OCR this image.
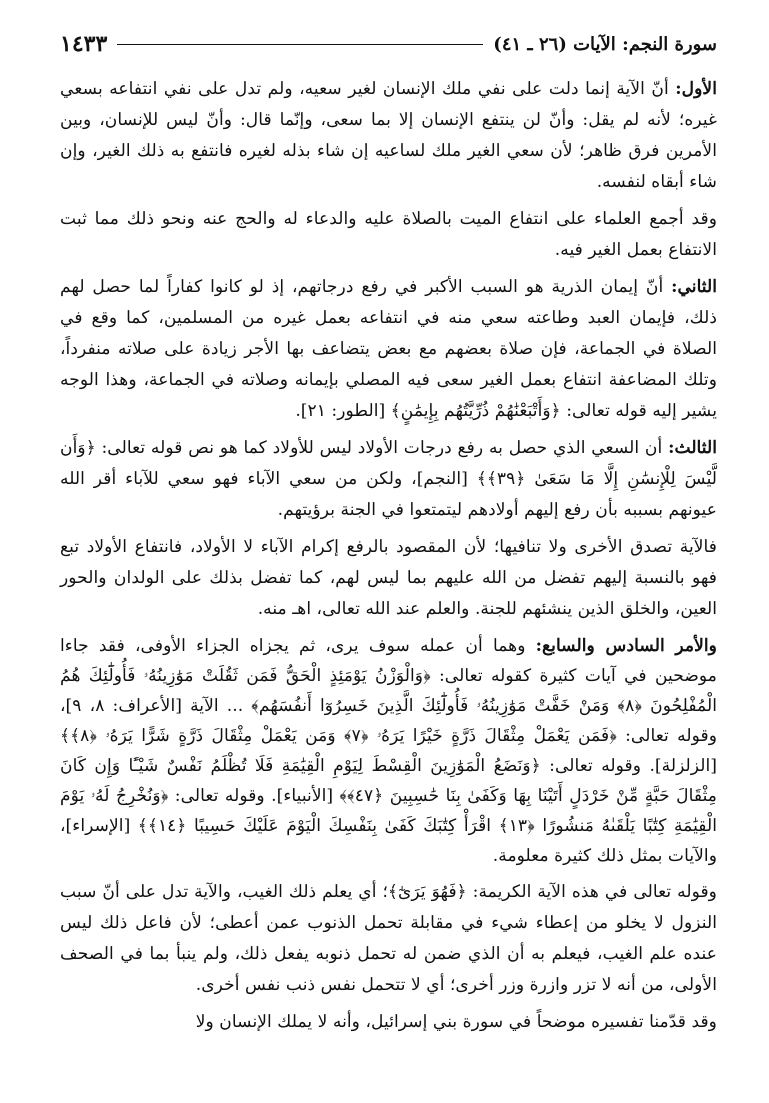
سورة النجم: الآيات (٢٦ ـ ٤١)
١٤٣٣

الأول: أنّ الآية إنما دلت على نفي ملك الإنسان لغير سعيه، ولم تدل على نفي انتفاعه بسعي غيره؛ لأنه لم يقل: وأنّ لن ينتفع الإنسان إلا بما سعى، وإنّما قال: وأنّ ليس للإنسان، وبين الأمرين فرق ظاهر؛ لأن سعي الغير ملك لساعيه إن شاء بذله لغيره فانتفع به ذلك الغير، وإن شاء أبقاه لنفسه.

وقد أجمع العلماء على انتفاع الميت بالصلاة عليه والدعاء له والحج عنه ونحو ذلك مما ثبت الانتفاع بعمل الغير فيه.

الثاني: أنّ إيمان الذرية هو السبب الأكبر في رفع درجاتهم، إذ لو كانوا كفاراً لما حصل لهم ذلك، فإيمان العبد وطاعته سعي منه في انتفاعه بعمل غيره من المسلمين، كما وقع في الصلاة في الجماعة، فإن صلاة بعضهم مع بعض يتضاعف بها الأجر زيادة على صلاته منفرداً، وتلك المضاعفة انتفاع بعمل الغير سعى فيه المصلي بإيمانه وصلاته في الجماعة، وهذا الوجه يشير إليه قوله تعالى: ﴿وَأَتْبَعْنَٰهُمْ ذُرِّيَّتُهُم بِإِيمَٰنٍ﴾ [الطور: ٢١].

الثالث: أن السعي الذي حصل به رفع درجات الأولاد ليس للأولاد كما هو نص قوله تعالى: ﴿وَأَن لَّيْسَ لِلْإِنسَٰنِ إِلَّا مَا سَعَىٰ ﴿٣٩﴾﴾ [النجم]، ولكن من سعي الآباء فهو سعي للآباء أقر الله عيونهم بسببه بأن رفع إليهم أولادهم ليتمتعوا في الجنة برؤيتهم.

فالآية تصدق الأخرى ولا تنافيها؛ لأن المقصود بالرفع إكرام الآباء لا الأولاد، فانتفاع الأولاد تبع فهو بالنسبة إليهم تفضل من الله عليهم بما ليس لهم، كما تفضل بذلك على الولدان والحور العين، والخلق الذين ينشئهم للجنة. والعلم عند الله تعالى، اهـ منه.

والأمر السادس والسابع: وهما أن عمله سوف يرى، ثم يجزاه الجزاء الأوفى، فقد جاءا موضحين في آيات كثيرة كقوله تعالى: ﴿وَالْوَزْنُ يَوْمَئِذٍ الْحَقُّ فَمَن ثَقُلَتْ مَوَٰزِينُهُۥ فَأُولَٰٓئِكَ هُمُ الْمُفْلِحُونَ ﴿٨﴾ وَمَنْ خَفَّتْ مَوَٰزِينُهُۥ فَأُولَٰٓئِكَ الَّذِينَ خَسِرُوٓا أَنفُسَهُم﴾ ... الآية [الأعراف: ٨، ٩]، وقوله تعالى: ﴿فَمَن يَعْمَلْ مِثْقَالَ ذَرَّةٍ خَيْرًا يَرَهُۥ ﴿٧﴾ وَمَن يَعْمَلْ مِثْقَالَ ذَرَّةٍ شَرًّا يَرَهُۥ ﴿٨﴾﴾ [الزلزلة]. وقوله تعالى: ﴿وَنَضَعُ الْمَوَٰزِينَ الْقِسْطَ لِيَوْمِ الْقِيَٰمَةِ فَلَا تُظْلَمُ نَفْسٌ شَيْـًٔا وَإِن كَانَ مِثْقَالَ حَبَّةٍ مِّنْ خَرْدَلٍ أَتَيْنَا بِهَا وَكَفَىٰ بِنَا حَٰسِبِينَ ﴿٤٧﴾﴾ [الأنبياء]. وقوله تعالى: ﴿وَنُخْرِجُ لَهُۥ يَوْمَ الْقِيَٰمَةِ كِتَٰبًا يَلْقَىٰهُ مَنشُورًا ﴿١٣﴾ اقْرَأْ كِتَٰبَكَ كَفَىٰ بِنَفْسِكَ الْيَوْمَ عَلَيْكَ حَسِيبًا ﴿١٤﴾﴾ [الإسراء]، والآيات بمثل ذلك كثيرة معلومة.

وقوله تعالى في هذه الآية الكريمة: ﴿فَهُوَ يَرَىٰٓ﴾؛ أي يعلم ذلك الغيب، والآية تدل على أنّ سبب النزول لا يخلو من إعطاء شيء في مقابلة تحمل الذنوب عمن أعطى؛ لأن فاعل ذلك ليس عنده علم الغيب، فيعلم به أن الذي ضمن له تحمل ذنوبه يفعل ذلك، ولم ينبأ بما في الصحف الأولى، من أنه لا تزر وازرة وزر أخرى؛ أي لا تتحمل نفس ذنب نفس أخرى.

وقد قدّمنا تفسيره موضحاً في سورة بني إسرائيل، وأنه لا يملك الإنسان ولا
